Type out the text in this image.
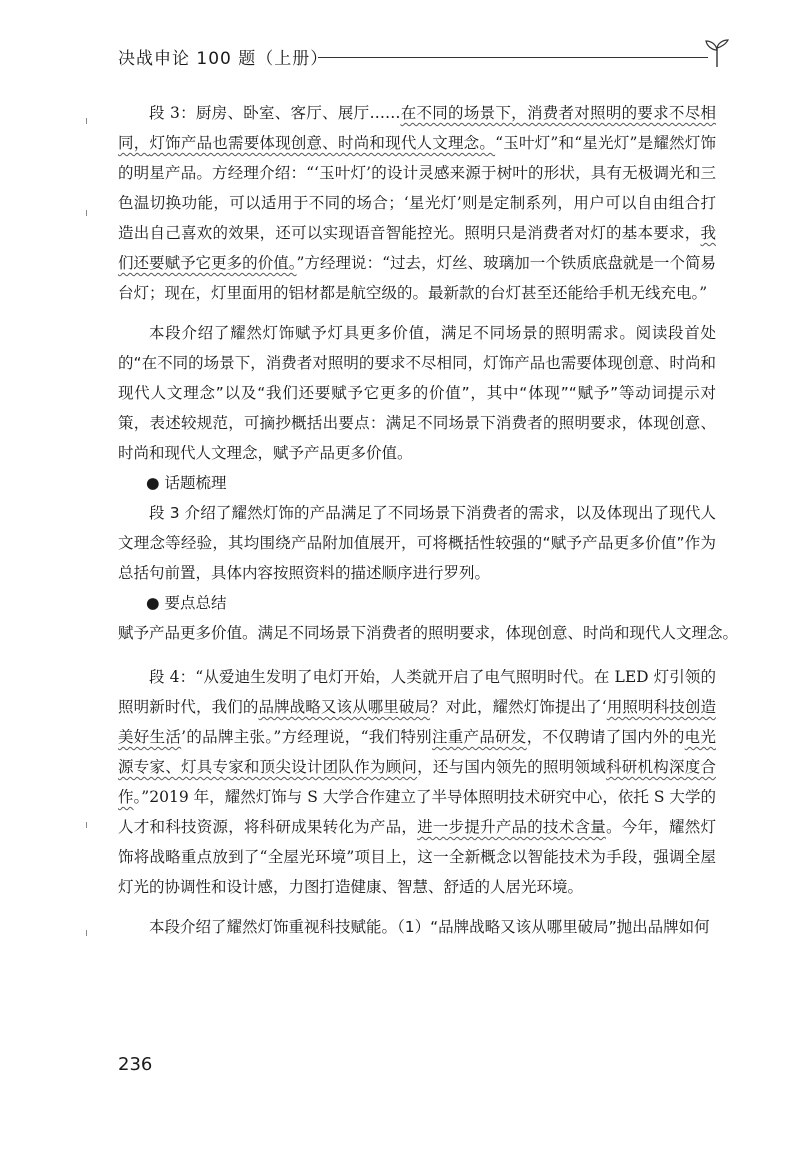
决战申论 100 题（上册）

段 3：厨房、卧室、客厅、展厅……在不同的场景下，消费者对照明的要求不尽相同，灯饰产品也需要体现创意、时尚和现代人文理念。“玉叶灯”和“星光灯”是耀然灯饰的明星产品。方经理介绍：“‘玉叶灯’的设计灵感来源于树叶的形状，具有无极调光和三色温切换功能，可以适用于不同的场合；‘星光灯’则是定制系列，用户可以自由组合打造出自己喜欢的效果，还可以实现语音智能控光。照明只是消费者对灯的基本要求，我们还要赋予它更多的价值。”方经理说：“过去，灯丝、玻璃加一个铁质底盘就是一个简易台灯；现在，灯里面用的铝材都是航空级的。最新款的台灯甚至还能给手机无线充电。”

本段介绍了耀然灯饰赋予灯具更多价值，满足不同场景的照明需求。阅读段首处的“在不同的场景下，消费者对照明的要求不尽相同，灯饰产品也需要体现创意、时尚和现代人文理念”以及“我们还要赋予它更多的价值”，其中“体现”“赋予”等动词提示对策，表述较规范，可摘抄概括出要点：满足不同场景下消费者的照明要求，体现创意、时尚和现代人文理念，赋予产品更多价值。

● 话题梳理

段 3 介绍了耀然灯饰的产品满足了不同场景下消费者的需求，以及体现出了现代人文理念等经验，其均围绕产品附加值展开，可将概括性较强的“赋予产品更多价值”作为总括句前置，具体内容按照资料的描述顺序进行罗列。

● 要点总结

赋予产品更多价值。满足不同场景下消费者的照明要求，体现创意、时尚和现代人文理念。

段 4：“从爱迪生发明了电灯开始，人类就开启了电气照明时代。在 LED 灯引领的照明新时代，我们的品牌战略又该从哪里破局？对此，耀然灯饰提出了‘用照明科技创造美好生活’的品牌主张。”方经理说，“我们特别注重产品研发，不仅聘请了国内外的电光源专家、灯具专家和顶尖设计团队作为顾问，还与国内领先的照明领域科研机构深度合作。”2019 年，耀然灯饰与 S 大学合作建立了半导体照明技术研究中心，依托 S 大学的人才和科技资源，将科研成果转化为产品，进一步提升产品的技术含量。今年，耀然灯饰将战略重点放到了“全屋光环境”项目上，这一全新概念以智能技术为手段，强调全屋灯光的协调性和设计感，力图打造健康、智慧、舒适的人居光环境。

本段介绍了耀然灯饰重视科技赋能。（1）“品牌战略又该从哪里破局”抛出品牌如何

236
